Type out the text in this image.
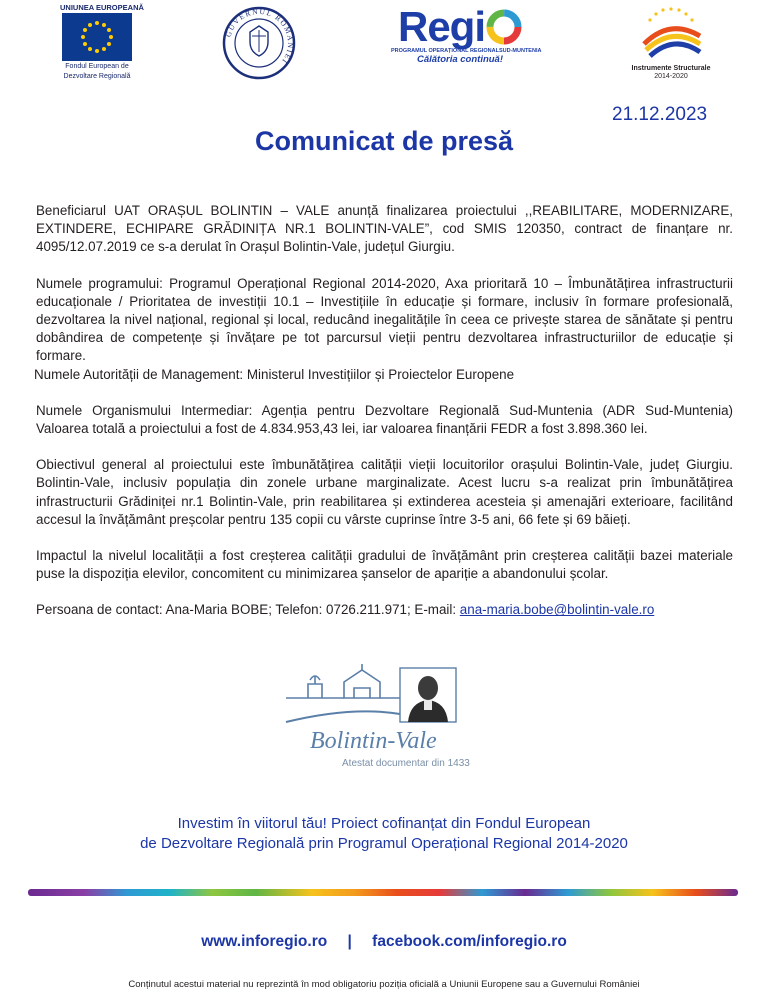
UNIUNEA EUROPEANĂ
Fondul European de
Dezvoltare Regională
GUVERNUL ROMÂNIEI
Regi
PROGRAMUL OPERAȚIONAL REGIONAL SUD-MUNTENIA
Călătoria continuă!
Instrumente Structurale
2014-2020
21.12.2023
Comunicat de presă

Beneficiarul UAT ORAȘUL BOLINTIN – VALE anunță finalizarea proiectului ,,REABILITARE, MODERNIZARE, EXTINDERE, ECHIPARE GRĂDINIȚA NR.1 BOLINTIN-VALE”, cod SMIS 120350, contract de finanțare nr. 4095/12.07.2019 ce s-a derulat în Orașul Bolintin-Vale, județul Giurgiu.

Numele programului: Programul Operațional Regional 2014-2020, Axa prioritară 10 – Îmbunătățirea infrastructurii educaționale / Prioritatea de investiții 10.1 – Investițiile în educație și formare, inclusiv în formare profesională, dezvoltarea la nivel național, regional și local, reducând inegalitățile în ceea ce privește starea de sănătate și pentru dobândirea de competențe și învățare pe tot parcursul vieții pentru dezvoltarea infrastructuriilor de educație și formare.

Numele Autorității de Management: Ministerul Investițiilor și Proiectelor Europene

Numele Organismului Intermediar: Agenția pentru Dezvoltare Regională Sud-Muntenia (ADR Sud-Muntenia) Valoarea totală a proiectului a fost de 4.834.953,43 lei, iar valoarea finanțării FEDR a fost 3.898.360 lei.

Obiectivul general al proiectului este îmbunătățirea calității vieții locuitorilor orașului Bolintin-Vale, județ Giurgiu. Bolintin-Vale, inclusiv populația din zonele urbane marginalizate. Acest lucru s-a realizat prin îmbunătățirea infrastructurii Grădiniței nr.1 Bolintin-Vale, prin reabilitarea și extinderea acesteia și amenajări exterioare, facilitând accesul la învățământ preșcolar pentru 135 copii cu vârste cuprinse între 3-5 ani, 66 fete și 69 băieți.

Impactul la nivelul localității a fost creșterea calității gradului de învățământ prin creșterea calității bazei materiale puse la dispoziția elevilor, concomitent cu minimizarea șanselor de apariție a abandonului școlar.

Persoana de contact: Ana-Maria BOBE; Telefon: 0726.211.971; E-mail: ana-maria.bobe@bolintin-vale.ro

Bolintin-Vale
Atestat documentar din 1433
Investim în viitorul tău! Proiect cofinanțat din Fondul European
de Dezvoltare Regională prin Programul Operațional Regional 2014-2020
www.inforegio.ro | facebook.com/inforegio.ro
Conținutul acestui material nu reprezintă în mod obligatoriu poziția oficială a Uniunii Europene sau a Guvernului României
